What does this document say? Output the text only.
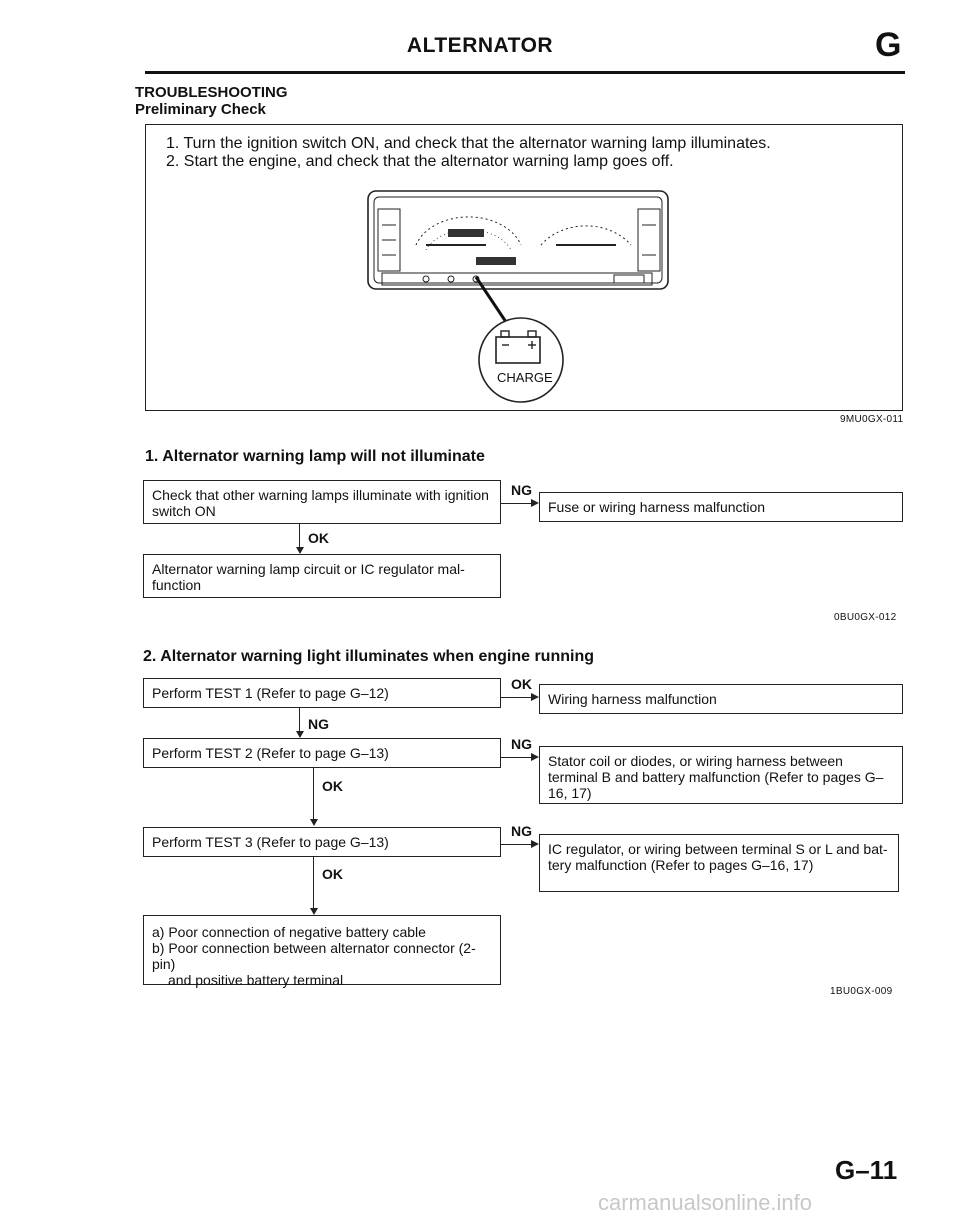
ALTERNATOR	G
TROUBLESHOOTING
Preliminary Check
1. Turn the ignition switch ON, and check that the alternator warning lamp illuminates.
2. Start the engine, and check that the alternator warning lamp goes off.
CHARGE
9MU0GX-011
1. Alternator warning lamp will not illuminate
Check that other warning lamps illuminate with ignition switch ON
NG
Fuse or wiring harness malfunction
OK
Alternator warning lamp circuit or IC regulator mal-function
0BU0GX-012
2. Alternator warning light illuminates when engine running
Perform TEST 1 (Refer to page G–12)
OK
Wiring harness malfunction
NG
Perform TEST 2 (Refer to page G–13)
NG
Stator coil or diodes, or wiring harness between terminal B and battery malfunction (Refer to pages G–16, 17)
OK
Perform TEST 3 (Refer to page G–13)
NG
IC regulator, or wiring between terminal S or L and bat-tery malfunction (Refer to pages G–16, 17)
OK
a) Poor connection of negative battery cable
b) Poor connection between alternator connector (2-pin)
and positive battery terminal
1BU0GX-009
G–11
carmanualsonline.info
